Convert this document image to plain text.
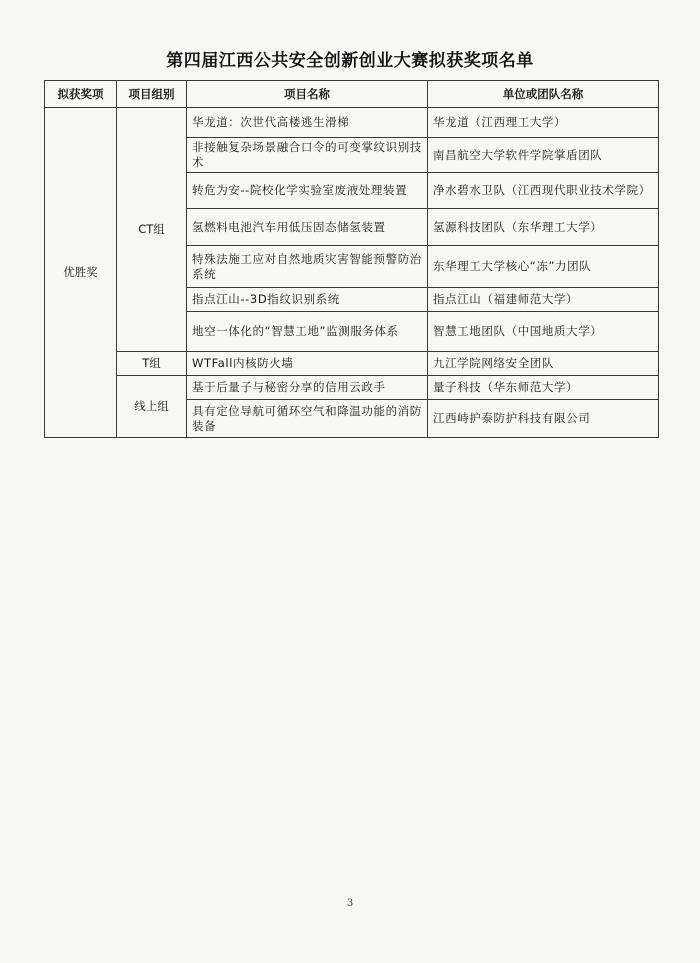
第四届江西公共安全创新创业大赛拟获奖项名单
拟获奖项	项目组别	项目名称	单位或团队名称
优胜奖	CT组	华龙道：次世代高楼逃生滑梯	华龙道（江西理工大学）
		非接触复杂场景融合口令的可变掌纹识别技术	南昌航空大学软件学院掌盾团队
		转危为安--院校化学实验室废液处理装置	净水碧水卫队（江西现代职业技术学院）
		氢燃料电池汽车用低压固态储氢装置	氢源科技团队（东华理工大学）
		特殊法施工应对自然地质灾害智能预警防治系统	东华理工大学核心“冻”力团队
		指点江山--3D指纹识别系统	指点江山（福建师范大学）
		地空一体化的“智慧工地”监测服务体系	智慧工地团队（中国地质大学）
	T组	WTFall内核防火墙	九江学院网络安全团队
	线上组	基于后量子与秘密分享的信用云政手	量子科技（华东师范大学）
		具有定位导航可循环空气和降温功能的消防装备	江西峙护泰防护科技有限公司
3
